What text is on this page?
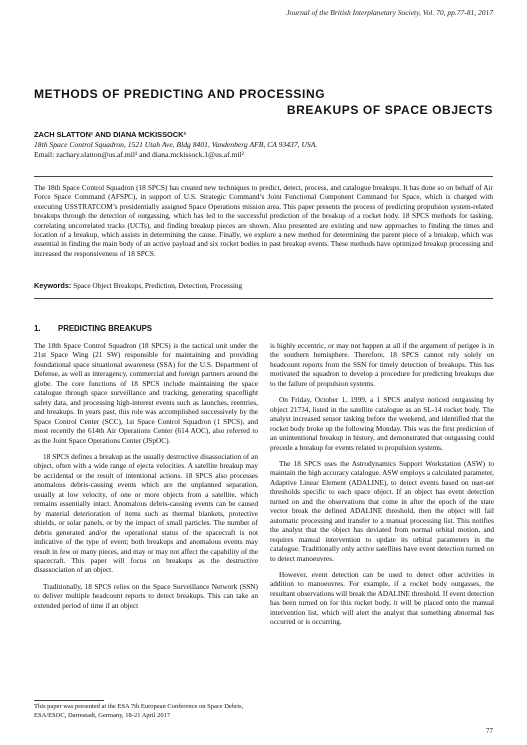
Journal of the British Interplanetary Society, Vol. 70, pp.77-81, 2017
METHODS OF PREDICTING AND PROCESSING
BREAKUPS OF SPACE OBJECTS
ZACH SLATTON¹ AND DIANA MCKISSOCK²
18th Space Control Squadron, 1521 Utah Ave, Bldg 8401, Vandenberg AFB, CA 93437, USA.
Email: zachary.slatton@us.af.mil¹ and diana.mckissock.1@us.af.mil²
The 18th Space Control Squadron (18 SPCS) has created new techniques to predict, detect, process, and catalogue breakups. It has done so on behalf of Air Force Space Command (AFSPC), in support of U.S. Strategic Command’s Joint Functional Component Command for Space, which is charged with executing USSTRATCOM’s presidentially assigned Space Operations mission area. This paper presents the process of predicting propulsion system-related breakups through the detection of outgassing, which has led to the successful prediction of the breakup of a rocket body. 18 SPCS methods for tasking, correlating uncorrelated tracks (UCTs), and finding breakup pieces are shown. Also presented are existing and new approaches to finding the times and location of a breakup, which assists in determining the cause. Finally, we explore a new method for determining the parent piece of a breakup, which was essential in finding the main body of an active payload and six rocket bodies in past breakup events. These methods have optimized breakup processing and increased the responsiveness of 18 SPCS.
Keywords: Space Object Breakups, Prediction, Detection, Processing
1. PREDICTING BREAKUPS

The 18th Space Control Squadron (18 SPCS) is the tactical unit under the 21st Space Wing (21 SW) responsible for maintaining and providing foundational space situational awareness (SSA) for the U.S. Department of Defense, as well as interagency, commercial and foreign partners around the globe. The core functions of 18 SPCS include maintaining the space catalogue through space surveillance and tracking, generating spaceflight safety data, and processing high-interest events such as launches, reentries, and breakups. In years past, this role was accomplished successively by the Space Control Center (SCC), 1st Space Control Squadron (1 SPCS), and most recently the 614th Air Operations Center (614 AOC), also referred to as the Joint Space Operations Center (JSpOC).

18 SPCS defines a breakup as the usually destructive disassociation of an object, often with a wide range of ejecta velocities. A satellite breakup may be accidental or the result of intentional actions. 18 SPCS also processes anomalous debris-causing events which are the unplanned separation, usually at low velocity, of one or more objects from a satellite, which remains essentially intact. Anomalous debris-causing events can be caused by material deterioration of items such as thermal blankets, protective shields, or solar panels, or by the impact of small particles. The number of debris generated and/or the operational status of the spacecraft is not indicative of the type of event; both breakups and anomalous events may result in few or many pieces, and may or may not affect the capability of the spacecraft. This paper will focus on breakups as the destructive disassociation of an object.

Traditionally, 18 SPCS relies on the Space Surveillance Network (SSN) to deliver multiple headcount reports to detect breakups. This can take an extended period of time if an object

is highly eccentric, or may not happen at all if the argument of perigee is in the southern hemisphere. Therefore, 18 SPCS cannot rely solely on headcount reports from the SSN for timely detection of breakups. This has motivated the squadron to develop a procedure for predicting breakups due to the failure of propulsion systems.

On Friday, October 1, 1999, a 1 SPCS analyst noticed outgassing by object 21734, listed in the satellite catalogue as an SL-14 rocket body. The analyst increased sensor tasking before the weekend, and identified that the rocket body broke up the following Monday. This was the first prediction of an unintentional breakup in history, and demonstrated that outgassing could precede a breakup for events related to propulsion systems.

The 18 SPCS uses the Astrodynamics Support Workstation (ASW) to maintain the high accuracy catalogue. ASW employs a calculated parameter, Adaptive Linear Element (ADALINE), to detect events based on user-set thresholds specific to each space object. If an object has event detection turned on and the observations that come in after the epoch of the state vector break the defined ADALINE threshold, then the object will fail automatic processing and transfer to a manual processing list. This notifies the analyst that the object has deviated from normal orbital motion, and requires manual intervention to update its orbital parameters in the catalogue. Traditionally only active satellites have event detection turned on to detect manoeuvres.

However, event detection can be used to detect other activities in addition to manoeuvres. For example, if a rocket body outgasses, the resultant observations will break the ADALINE threshold. If event detection has been turned on for this rocket body, it will be placed onto the manual intervention list, which will alert the analyst that something abnormal has occurred or is occurring.

This paper was presented at the ESA 7th European Conference on Space Debris, ESA/ESOC, Darmstadt, Germany, 18-21 April 2017
77
